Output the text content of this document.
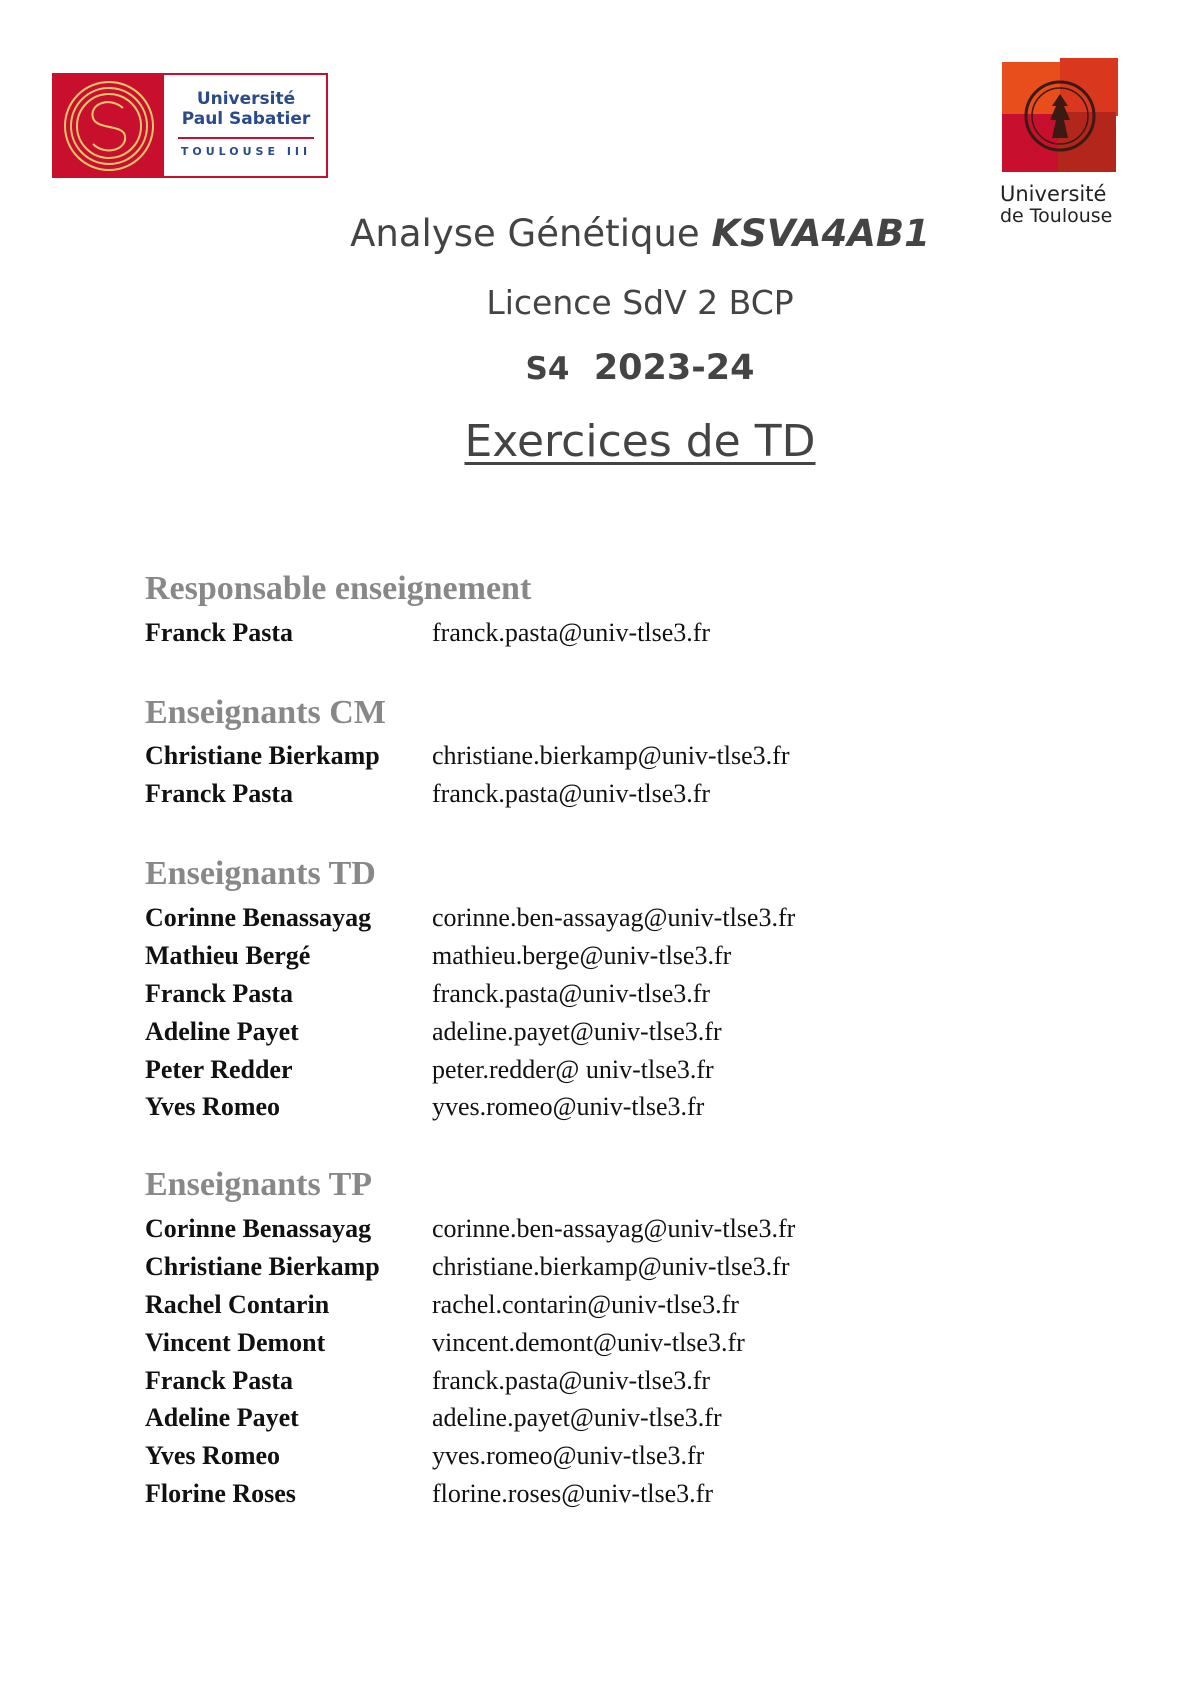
Université
Paul Sabatier
TOULOUSE III
Université
de Toulouse
Analyse Génétique KSVA4AB1
Licence SdV 2 BCP
S4 2023-24
Exercices de TD
Responsable enseignement
Franck Pasta	franck.pasta@univ-tlse3.fr
Enseignants CM
Christiane Bierkamp christiane.bierkamp@univ-tlse3.fr
Franck Pasta	franck.pasta@univ-tlse3.fr
Enseignants TD
Corinne Benassayag corinne.ben-assayag@univ-tlse3.fr
Mathieu Bergé	mathieu.berge@univ-tlse3.fr
Franck Pasta	franck.pasta@univ-tlse3.fr
Adeline Payet	adeline.payet@univ-tlse3.fr
Peter Redder	peter.redder@ univ-tlse3.fr
Yves Romeo	yves.romeo@univ-tlse3.fr
Enseignants TP
Corinne Benassayag corinne.ben-assayag@univ-tlse3.fr
Christiane Bierkamp christiane.bierkamp@univ-tlse3.fr
Rachel Contarin	rachel.contarin@univ-tlse3.fr
Vincent Demont	vincent.demont@univ-tlse3.fr
Franck Pasta	franck.pasta@univ-tlse3.fr
Adeline Payet	adeline.payet@univ-tlse3.fr
Yves Romeo	yves.romeo@univ-tlse3.fr
Florine Roses	florine.roses@univ-tlse3.fr
